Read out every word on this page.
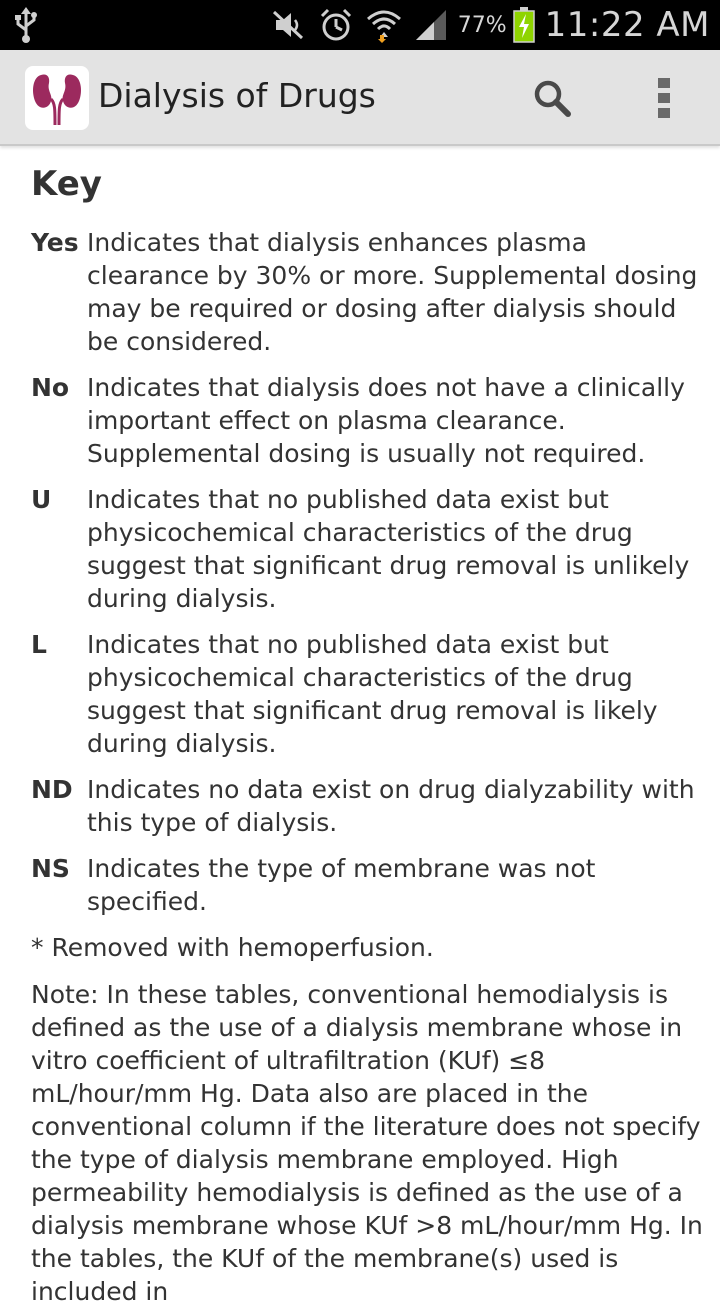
77% 11:22 AM
Dialysis of Drugs
Key
Yes Indicates that dialysis enhances plasma clearance by 30% or more. Supplemental dosing may be required or dosing after dialysis should be considered.
No Indicates that dialysis does not have a clinically important effect on plasma clearance. Supplemental dosing is usually not required.
U	Indicates that no published data exist but physicochemical characteristics of the drug suggest that significant drug removal is unlikely during dialysis.
L	Indicates that no published data exist but physicochemical characteristics of the drug suggest that significant drug removal is likely during dialysis.
ND Indicates no data exist on drug dialyzability with this type of dialysis.
NS Indicates the type of membrane was not specified.

* Removed with hemoperfusion.

Note: In these tables, conventional hemodialysis is defined as the use of a dialysis membrane whose in vitro coefficient of ultrafiltration (KUf) ≤8 mL/hour/mm Hg. Data also are placed in the conventional column if the literature does not specify the type of dialysis membrane employed. High permeability hemodialysis is defined as the use of a dialysis membrane whose KUf >8 mL/hour/mm Hg. In the tables, the KUf of the membrane(s) used is included in
